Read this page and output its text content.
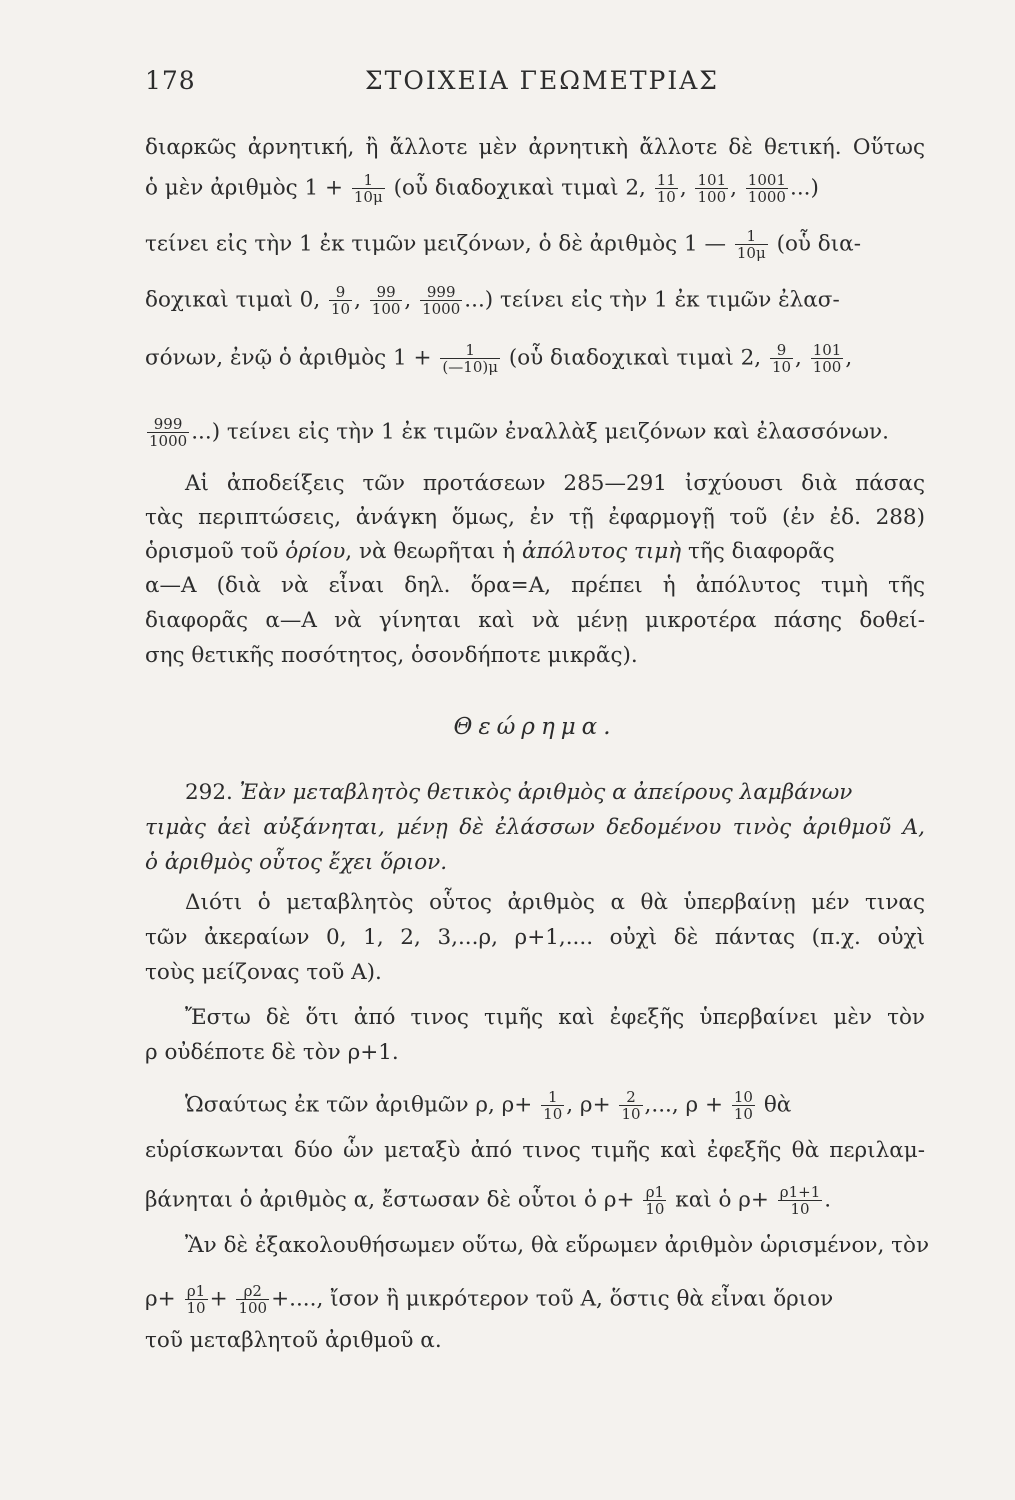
178	ΣΤΟΙΧΕΙΑ ΓΕΩΜΕΤΡΙΑΣ
διαρκῶς ἀρνητική, ἢ ἄλλοτε μὲν ἀρνητικὴ ἄλλοτε δὲ θετική. Οὕτως
ὁ μὲν ἀριθμὸς $1 + \frac{1}{10\mu}$ (οὗ διαδοχικαὶ τιμαὶ 2, $\frac{11}{10}$ , $\frac{101}{100}$ , $\frac{1001}{1000}$ ...)
τείνει εἰς τὴν 1 ἐκ τιμῶν μειζόνων, ὁ δὲ ἀριθμὸς 1 — $\frac{1}{10\mu}$ (οὗ δια-
δοχικαὶ τιμαὶ 0, $\frac{9}{10}$ , $\frac{99}{100}$ , $\frac{999}{1000}$ ...) τείνει εἰς τὴν 1 ἐκ τιμῶν ἐλασ-
σόνων, ἐνῷ ὁ ἀριθμὸς $1 + \frac{1}{(—10)\mu}$ (οὗ διαδοχικαὶ τιμαὶ 2, $\frac{9}{10}$ , $\frac{101}{100}$ ,
$\frac{999}{1000}$ ...) τείνει εἰς τὴν 1 ἐκ τιμῶν ἐναλλὰξ μειζόνων καὶ ἐλασσόνων.
Αἱ ἀποδείξεις τῶν προτάσεων 285—291 ἰσχύουσι διὰ πάσας
τὰς περιπτώσεις, ἀνάγκη ὅμως, ἐν τῇ ἐφαρμογῇ τοῦ (ἐν ἐδ. 288)
ὁρισμοῦ τοῦ ὁρίου, νὰ θεωρῆται ἡ ἀπόλυτος τιμὴ τῆς διαφορᾶς
α—Α (διὰ νὰ εἶναι δηλ. ὅρα=Α, πρέπει ἡ ἀπόλυτος τιμὴ τῆς
διαφορᾶς α—Α νὰ γίνηται καὶ νὰ μένῃ μικροτέρα πάσης δοθεί-
σης θετικῆς ποσότητος, ὁσονδήποτε μικρᾶς).
Θεώρημα.
292. Ἐὰν μεταβλητὸς θετικὸς ἀριθμὸς α ἀπείρους λαμβάνων
τιμὰς ἀεὶ αὐξάνηται, μένῃ δὲ ἐλάσσων δεδομένου τινὸς ἀριθμοῦ Α,
ὁ ἀριθμὸς οὗτος ἔχει ὅριον.
Διότι ὁ μεταβλητὸς οὗτος ἀριθμὸς α θὰ ὑπερβαίνῃ μέν τινας
τῶν ἀκεραίων 0, 1, 2, 3,...ρ, ρ+1,.... οὐχὶ δὲ πάντας (π.χ. οὐχὶ
τοὺς μείζονας τοῦ Α).
Ἔστω δὲ ὅτι ἀπό τινος τιμῆς καὶ ἐφεξῆς ὑπερβαίνει μὲν τὸν
ρ οὐδέποτε δὲ τὸν ρ+1.
Ὡσαύτως ἐκ τῶν ἀριθμῶν ρ, $\rho+ \frac{1}{10}$ , $\rho+ \frac{2}{10}$ ,..., $\rho + \frac{10}{10}$ θὰ
εὑρίσκωνται δύο ὧν μεταξὺ ἀπό τινος τιμῆς καὶ ἐφεξῆς θὰ περιλαμ-
βάνηται ὁ ἀριθμὸς α, ἔστωσαν δὲ οὗτοι ὁ $\rho+ \frac{\rho 1}{10}$ καὶ ὁ $\rho+ \frac{\rho 1+1}{10}$ .
Ἂν δὲ ἐξακολουθήσωμεν οὕτω, θὰ εὕρωμεν ἀριθμὸν ὡρισμένον, τὸν
$\rho+ \frac{\rho 1}{10} + \frac{\rho 2}{100}$ +...., ἴσον ἢ μικρότερον τοῦ Α, ὅστις θὰ εἶναι ὅριον
τοῦ μεταβλητοῦ ἀριθμοῦ α.
